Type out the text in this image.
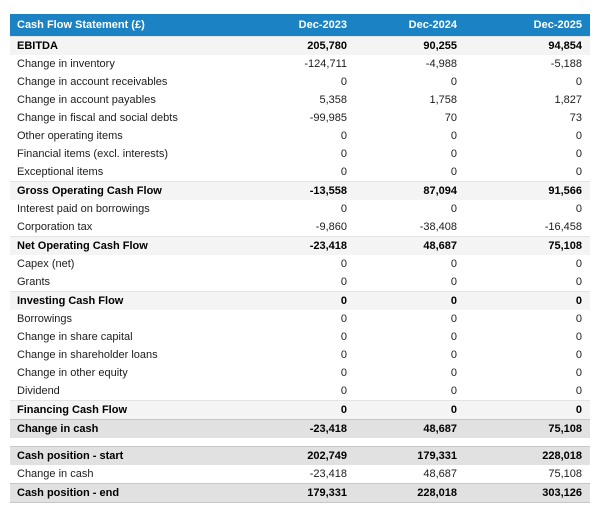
Cash Flow Statement (£)	Dec-2023	Dec-2024	Dec-2025
EBITDA	205,780	90,255	94,854
Change in inventory	-124,711	-4,988	-5,188
Change in account receivables	0	0	0
Change in account payables	5,358	1,758	1,827
Change in fiscal and social debts	-99,985	70	73
Other operating items	0	0	0
Financial items (excl. interests)	0	0	0
Exceptional items	0	0	0
Gross Operating Cash Flow	-13,558	87,094	91,566
Interest paid on borrowings	0	0	0
Corporation tax	-9,860	-38,408	-16,458
Net Operating Cash Flow	-23,418	48,687	75,108
Capex (net)	0	0	0
Grants	0	0	0
Investing Cash Flow	0	0	0
Borrowings	0	0	0
Change in share capital	0	0	0
Change in shareholder loans	0	0	0
Change in other equity	0	0	0
Dividend	0	0	0
Financing Cash Flow	0	0	0
Change in cash	-23,418	48,687	75,108

Cash position - start	202,749	179,331	228,018
Change in cash	-23,418	48,687	75,108
Cash position - end	179,331	228,018	303,126
